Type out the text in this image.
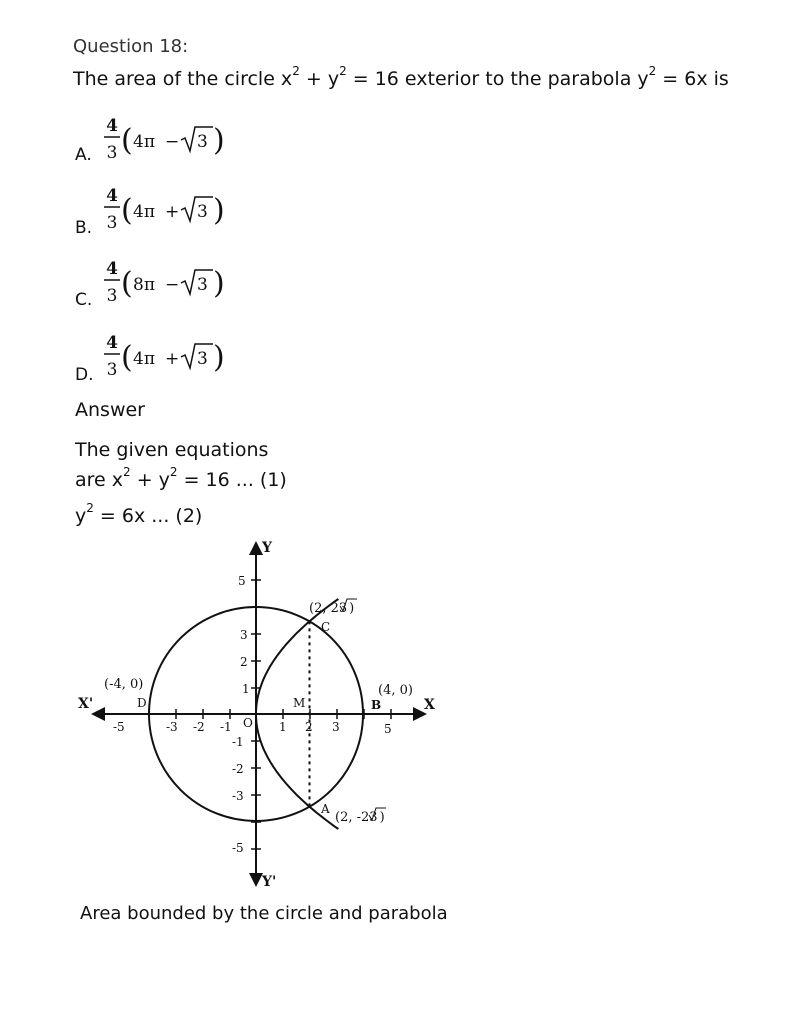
Question 18:
The area of the circle $x^2 + y^2 = 16$ exterior to the parabola $y^2 = 6x$ is
A.
4
3 ( 4π − 3 )
B.
4
3 ( 4π + 3 )
C.
4
3 ( 8π − 3 )
D.
4
3 ( 4π + 3 )
Answer
The given equations
are $x^2 + y^2 = 16$ ... (1)
$y^2 = 6x$ ... (2)
Y
Y'
X
X'
O
-5	-3 -2 -1	1 2 3	5
5
3
2
1
-1
-2
-3
-5
(2, 23 )
C
A
(2, -23 )
(4, 0)
B
(-4, 0)
D	M
Area bounded by the circle and parabola
